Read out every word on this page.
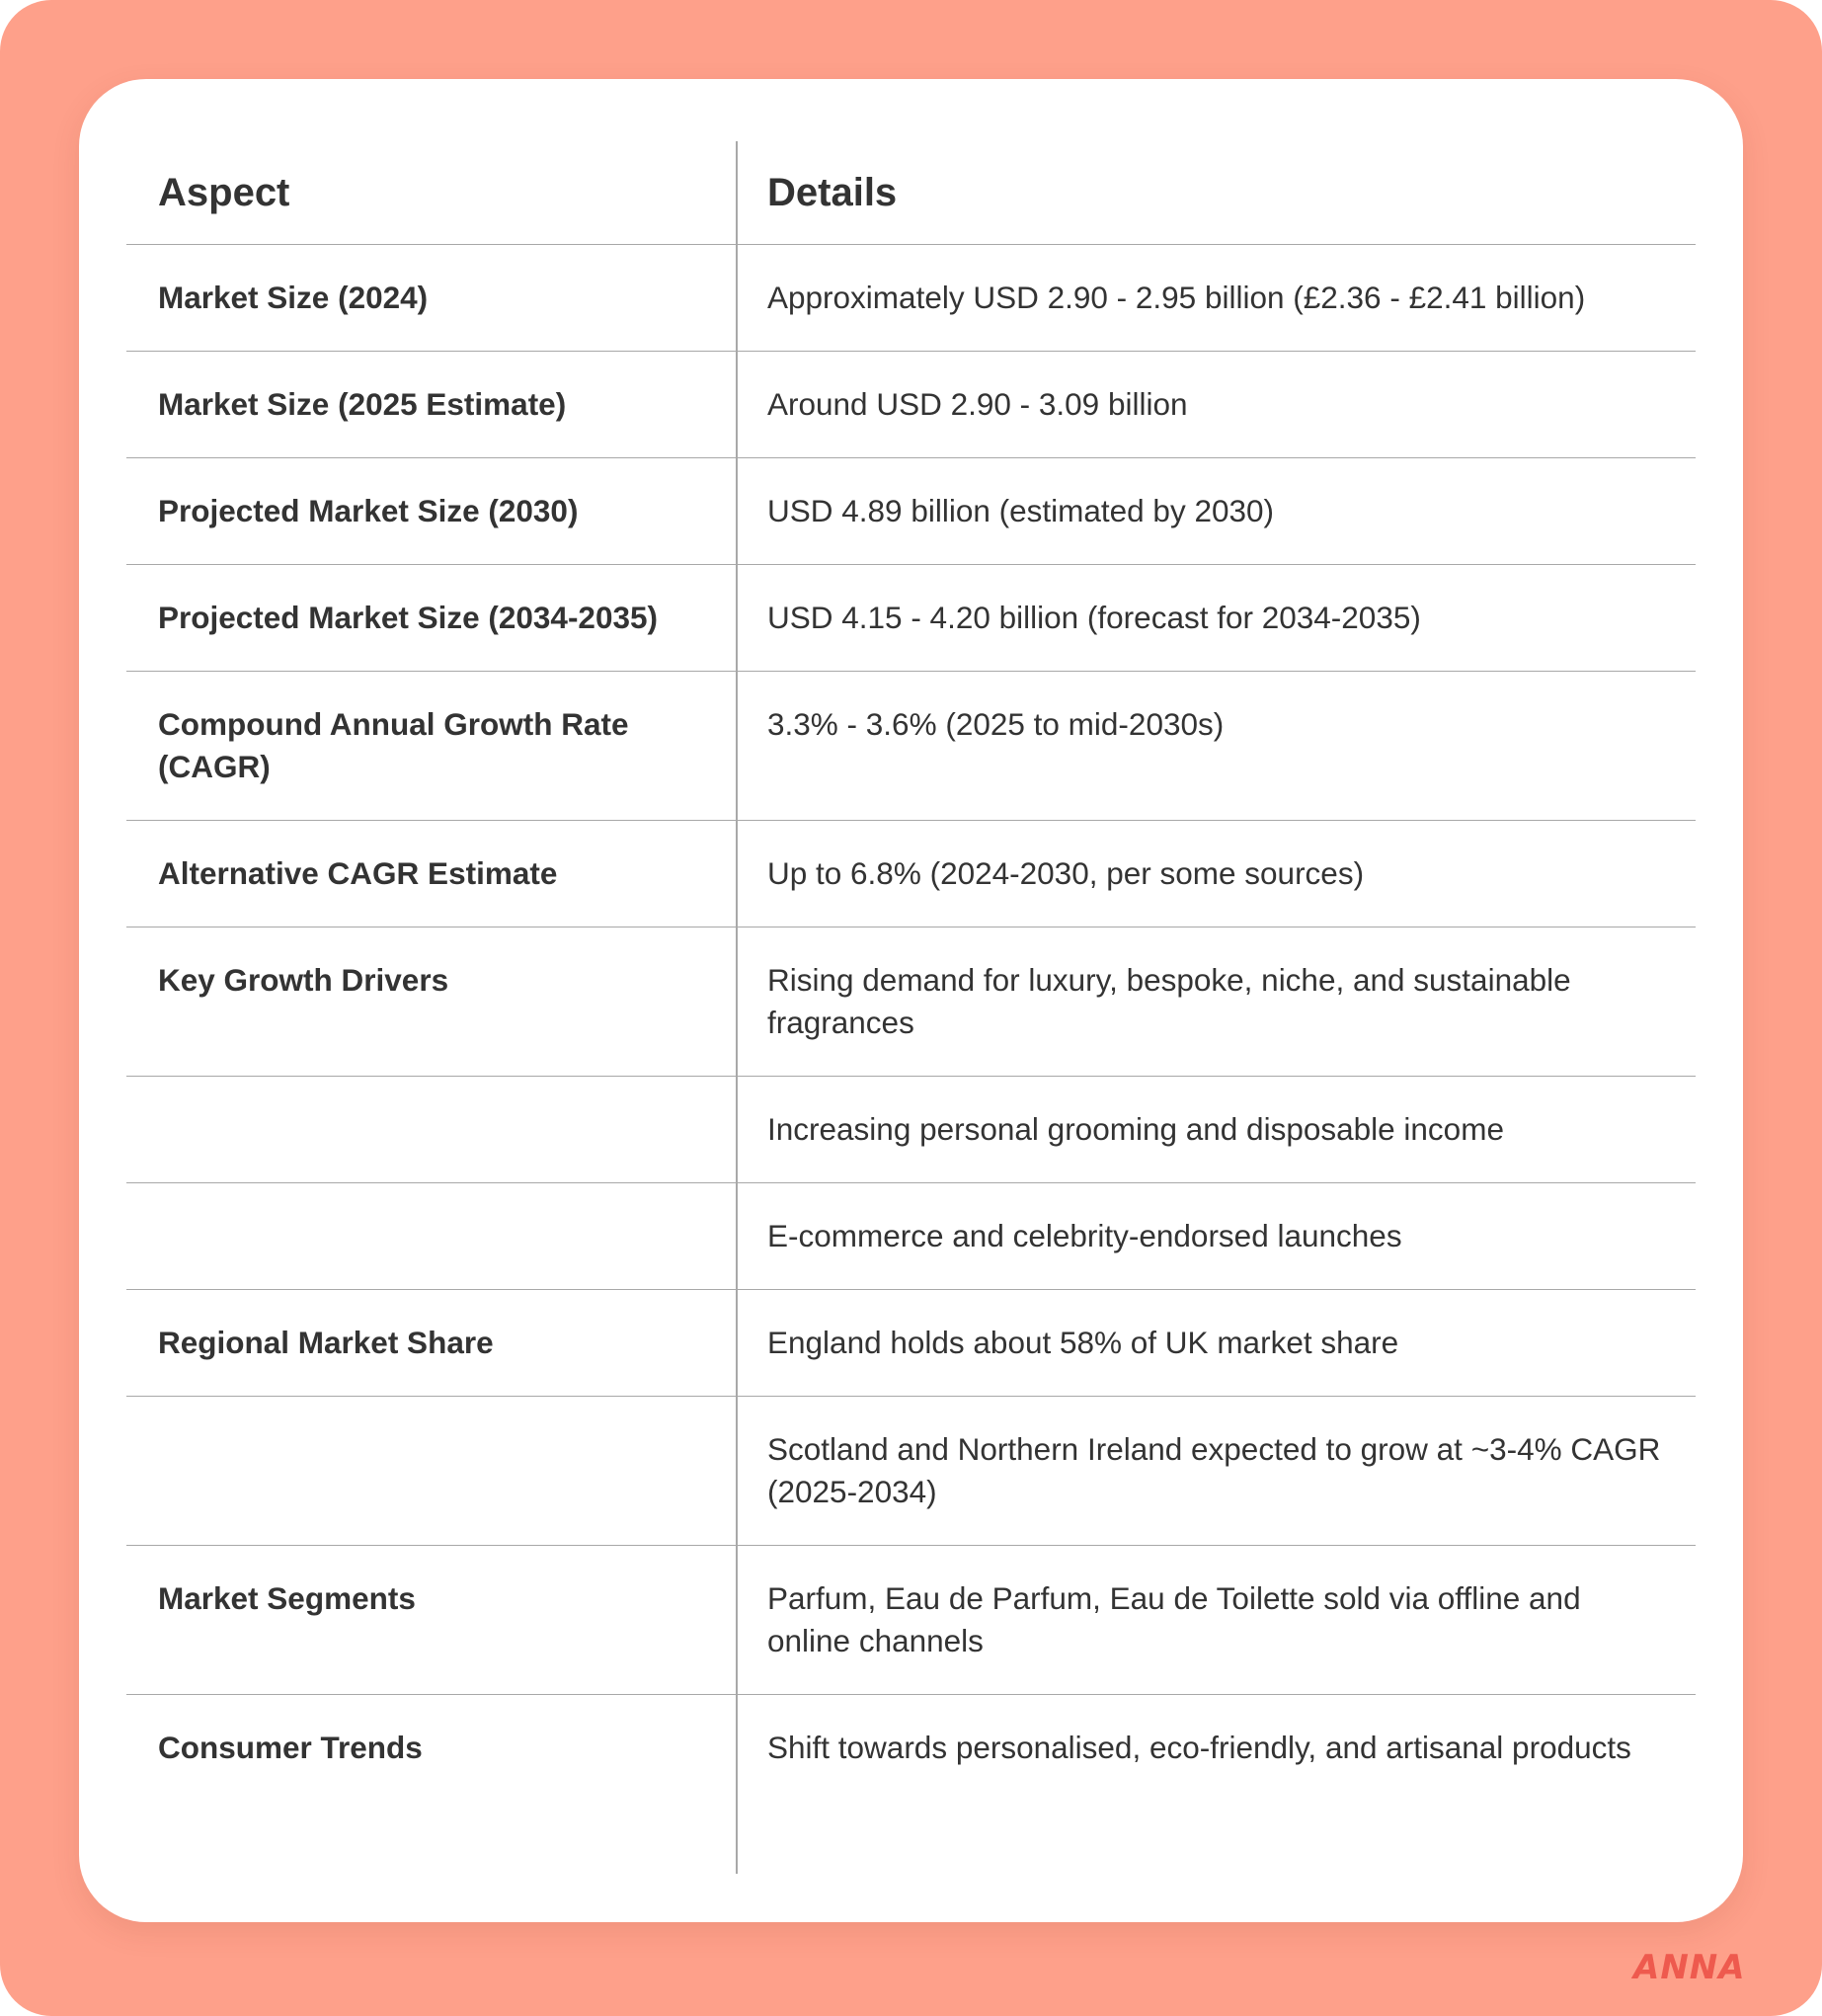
Aspect	Details
Market Size (2024)	Approximately USD 2.90 - 2.95 billion (£2.36 - £2.41 billion)
Market Size (2025 Estimate)	Around USD 2.90 - 3.09 billion
Projected Market Size (2030)	USD 4.89 billion (estimated by 2030)
Projected Market Size (2034-2035)	USD 4.15 - 4.20 billion (forecast for 2034-2035)
Compound Annual Growth Rate (CAGR)	3.3% - 3.6% (2025 to mid-2030s)
Alternative CAGR Estimate	Up to 6.8% (2024-2030, per some sources)
Key Growth Drivers	Rising demand for luxury, bespoke, niche, and sustainable fragrances
	Increasing personal grooming and disposable income
	E-commerce and celebrity-endorsed launches
Regional Market Share	England holds about 58% of UK market share
	Scotland and Northern Ireland expected to grow at ~3-4% CAGR (2025-2034)
Market Segments	Parfum, Eau de Parfum, Eau de Toilette sold via offline and online channels
Consumer Trends	Shift towards personalised, eco-friendly, and artisanal products
ANNA
